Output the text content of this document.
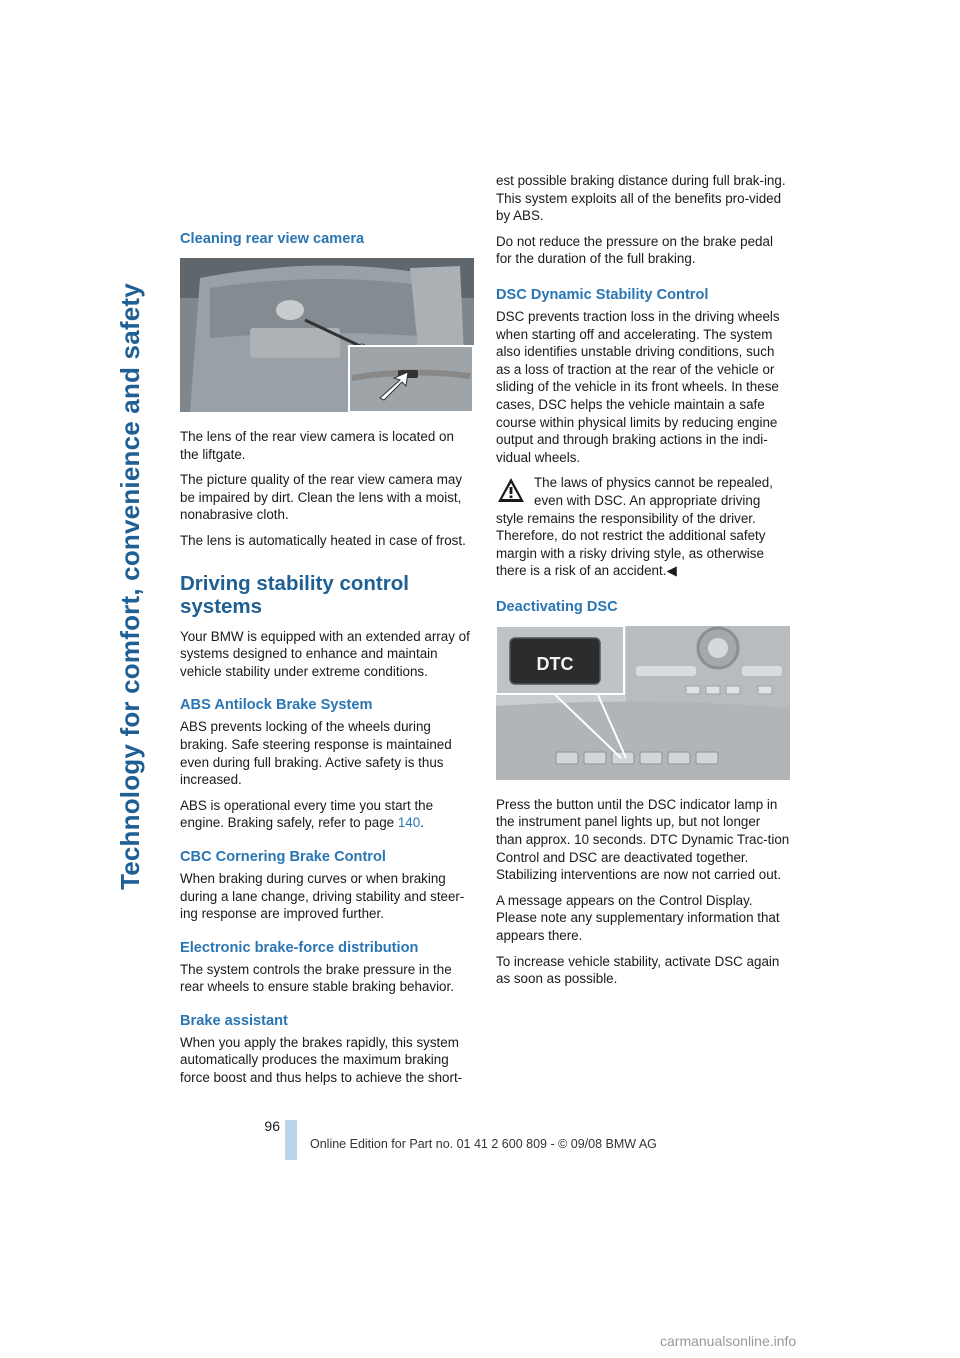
Technology for comfort, convenience and safety
Cleaning rear view camera

The lens of the rear view camera is located on the liftgate.

The picture quality of the rear view camera may be impaired by dirt. Clean the lens with a moist, nonabrasive cloth.

The lens is automatically heated in case of frost.

Driving stability control systems

Your BMW is equipped with an extended array of systems designed to enhance and maintain vehicle stability under extreme conditions.

ABS Antilock Brake System

ABS prevents locking of the wheels during braking. Safe steering response is maintained even during full braking. Active safety is thus increased.

ABS is operational every time you start the engine. Braking safely, refer to page 140.

CBC Cornering Brake Control

When braking during curves or when braking during a lane change, driving stability and steer-ing response are improved further.

Electronic brake-force distribution

The system controls the brake pressure in the rear wheels to ensure stable braking behavior.

Brake assistant

When you apply the brakes rapidly, this system automatically produces the maximum braking force boost and thus helps to achieve the short-

est possible braking distance during full brak-ing. This system exploits all of the benefits pro-vided by ABS.

Do not reduce the pressure on the brake pedal for the duration of the full braking.

DSC Dynamic Stability Control

DSC prevents traction loss in the driving wheels when starting off and accelerating. The system also identifies unstable driving conditions, such as a loss of traction at the rear of the vehicle or sliding of the vehicle in its front wheels. In these cases, DSC helps the vehicle maintain a safe course within physical limits by reducing engine output and through braking actions in the indi-vidual wheels.

The laws of physics cannot be repealed, even with DSC. An appropriate driving style remains the responsibility of the driver. Therefore, do not restrict the additional safety margin with a risky driving style, as otherwise there is a risk of an accident.◀

Deactivating DSC
DTC

Press the button until the DSC indicator lamp in the instrument panel lights up, but not longer than approx. 10 seconds. DTC Dynamic Trac-tion Control and DSC are deactivated together. Stabilizing interventions are now not carried out.

A message appears on the Control Display. Please note any supplementary information that appears there.

To increase vehicle stability, activate DSC again as soon as possible.

96
Online Edition for Part no. 01 41 2 600 809 - © 09/08 BMW AG
carmanualsonline.info
